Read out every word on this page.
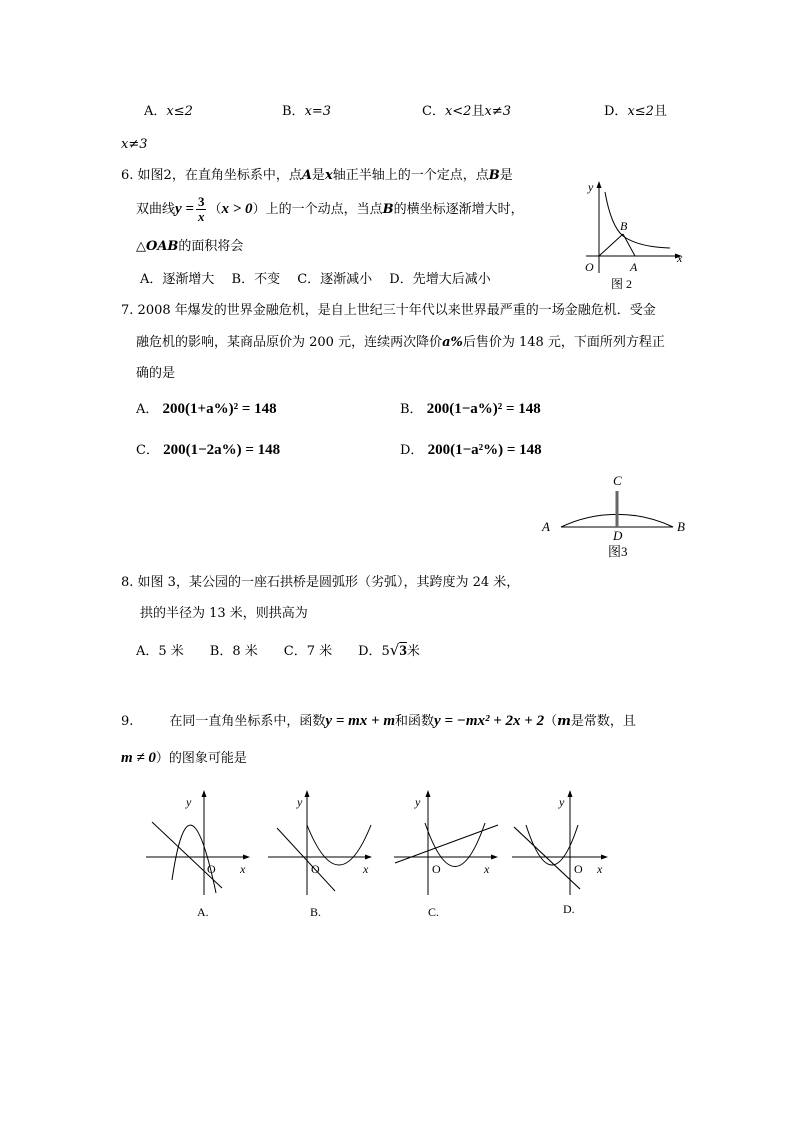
A．x≤2	B．x=3	C．x<2且x≠3	D．x≤2且
x≠3
6. 如图2，在直角坐标系中，点A是x轴正半轴上的一个定点，点B是
双曲线$y = \frac{3}{x} (x > 0)$上的一个动点，当点B的横坐标逐渐增大时，
△OAB的面积将会
A．逐渐增大　 B．不变　 C．逐渐减小　 D．先增大后减小
y
x
O	A
B
图 2
7. 2008 年爆发的世界金融危机，是自上世纪三十年代以来世界最严重的一场金融危机．受金
融危机的影响，某商品原价为 200 元，连续两次降价a%后售价为 148 元，下面所列方程正
确的是
A． 200(1+a%)² = 148	B． 200(1−a%)² = 148
C． 200(1−2a%) = 148	D． 200(1−a²%) = 148
A	B
C
D
图3
8. 如图 3，某公园的一座石拱桥是圆弧形（劣弧），其跨度为 24 米，
拱的半径为 13 米，则拱高为
A．5 米　　B．8 米　　C．7 米　　D．5√3米
9.	在同一直角坐标系中，函数y = mx + m和函数y = −mx² + 2x + 2（m是常数，且
m ≠ 0）的图象可能是
y
x
O
A.
y
x
O
B.
y
x
O
C.
y
x
O
D.
